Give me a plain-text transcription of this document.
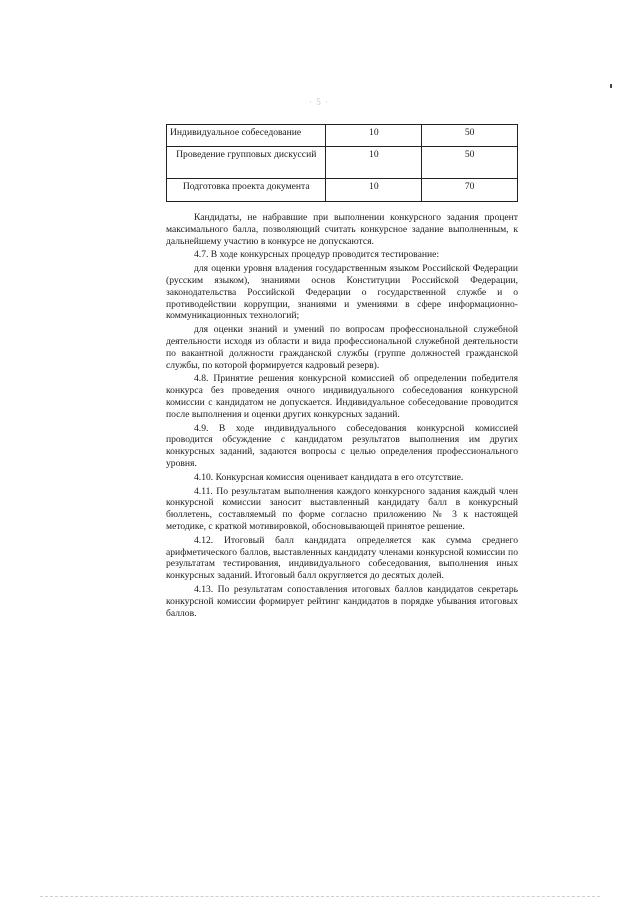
· 5 ·
Индивидуальное собеседование	10	50
Проведение групповых дискуссий	10	50
Подготовка проекта документа	10	70

Кандидаты, не набравшие при выполнении конкурсного задания процент максимального балла, позволяющий считать конкурсное задание выполненным, к дальнейшему участию в конкурсе не допускаются.

4.7. В ходе конкурсных процедур проводится тестирование:

для оценки уровня владения государственным языком Российской Федерации (русским языком), знаниями основ Конституции Российской Федерации, законодательства Российской Федерации о государственной службе и о противодействии коррупции, знаниями и умениями в сфере информационно-коммуникационных технологий;

для оценки знаний и умений по вопросам профессиональной служебной деятельности исходя из области и вида профессиональной служебной деятельности по вакантной должности гражданской службы (группе должностей гражданской службы, по которой формируется кадровый резерв).

4.8. Принятие решения конкурсной комиссией об определении победителя конкурса без проведения очного индивидуального собеседования конкурсной комиссии с кандидатом не допускается. Индивидуальное собеседование проводится после выполнения и оценки других конкурсных заданий.

4.9. В ходе индивидуального собеседования конкурсной комиссией проводится обсуждение с кандидатом результатов выполнения им других конкурсных заданий, задаются вопросы с целью определения профессионального уровня.

4.10. Конкурсная комиссия оценивает кандидата в его отсутствие.

4.11. По результатам выполнения каждого конкурсного задания каждый член конкурсной комиссии заносит выставленный кандидату балл в конкурсный бюллетень, составляемый по форме согласно приложению № 3 к настоящей методике, с краткой мотивировкой, обосновывающей принятое решение.

4.12. Итоговый балл кандидата определяется как сумма среднего арифметического баллов, выставленных кандидату членами конкурсной комиссии по результатам тестирования, индивидуального собеседования, выполнения иных конкурсных заданий. Итоговый балл округляется до десятых долей.

4.13. По результатам сопоставления итоговых баллов кандидатов секретарь конкурсной комиссии формирует рейтинг кандидатов в порядке убывания итоговых баллов.
